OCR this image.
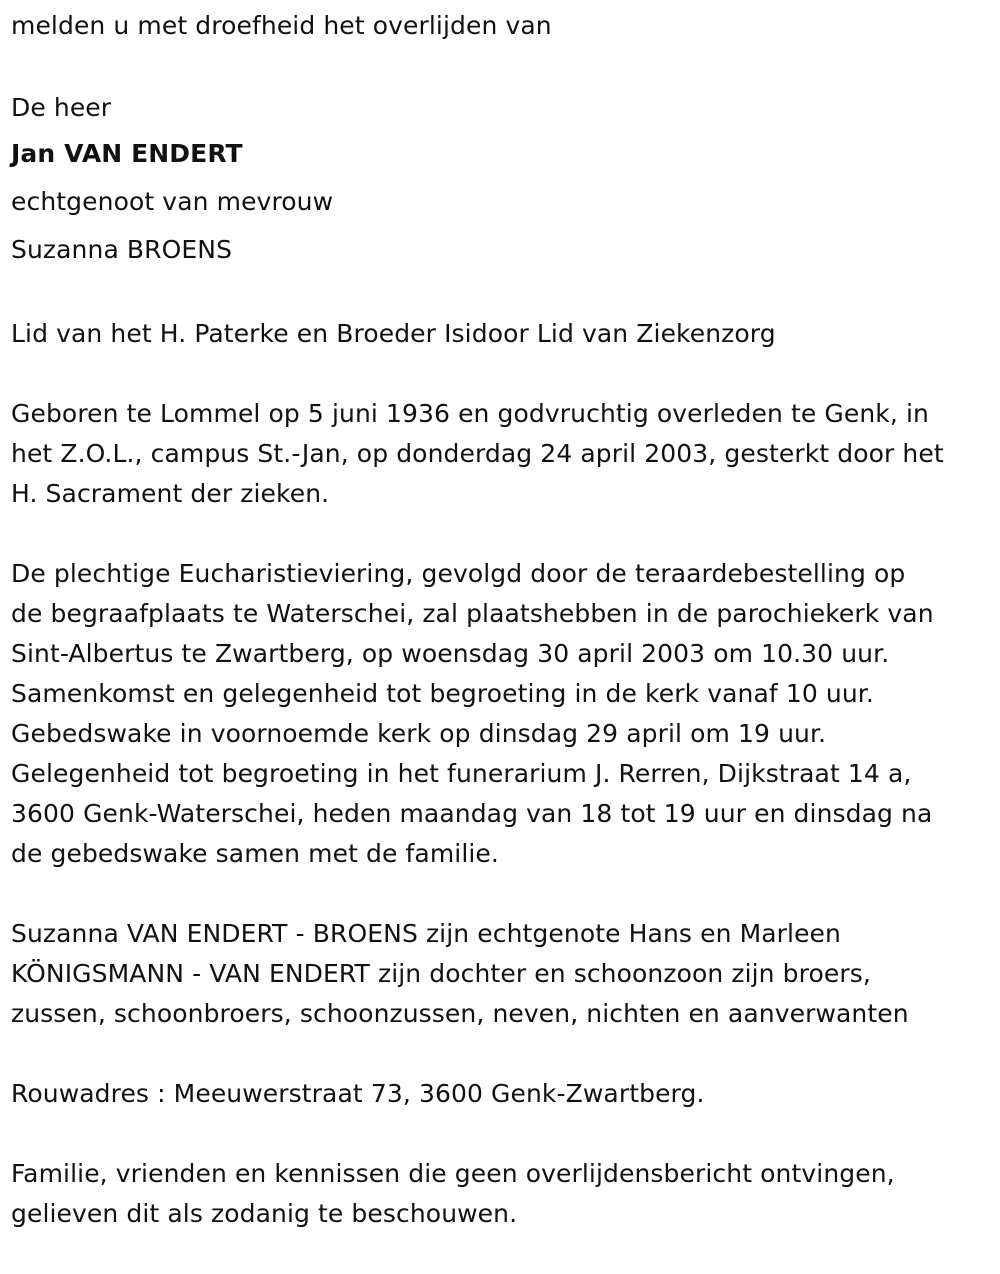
melden u met droefheid het overlijden van
De heer
Jan VAN ENDERT
echtgenoot van mevrouw
Suzanna BROENS
Lid van het H. Paterke en Broeder Isidoor Lid van Ziekenzorg
Geboren te Lommel op 5 juni 1936 en godvruchtig overleden te Genk, in
het Z.O.L., campus St.-Jan, op donderdag 24 april 2003, gesterkt door het
H. Sacrament der zieken.
De plechtige Eucharistieviering, gevolgd door de teraardebestelling op
de begraafplaats te Waterschei, zal plaatshebben in de parochiekerk van
Sint-Albertus te Zwartberg, op woensdag 30 april 2003 om 10.30 uur.
Samenkomst en gelegenheid tot begroeting in de kerk vanaf 10 uur.
Gebedswake in voornoemde kerk op dinsdag 29 april om 19 uur.
Gelegenheid tot begroeting in het funerarium J. Rerren, Dijkstraat 14 a,
3600 Genk-Waterschei, heden maandag van 18 tot 19 uur en dinsdag na
de gebedswake samen met de familie.
Suzanna VAN ENDERT - BROENS zijn echtgenote Hans en Marleen
KÖNIGSMANN - VAN ENDERT zijn dochter en schoonzoon zijn broers,
zussen, schoonbroers, schoonzussen, neven, nichten en aanverwanten
Rouwadres : Meeuwerstraat 73, 3600 Genk-Zwartberg.
Familie, vrienden en kennissen die geen overlijdensbericht ontvingen,
gelieven dit als zodanig te beschouwen.
